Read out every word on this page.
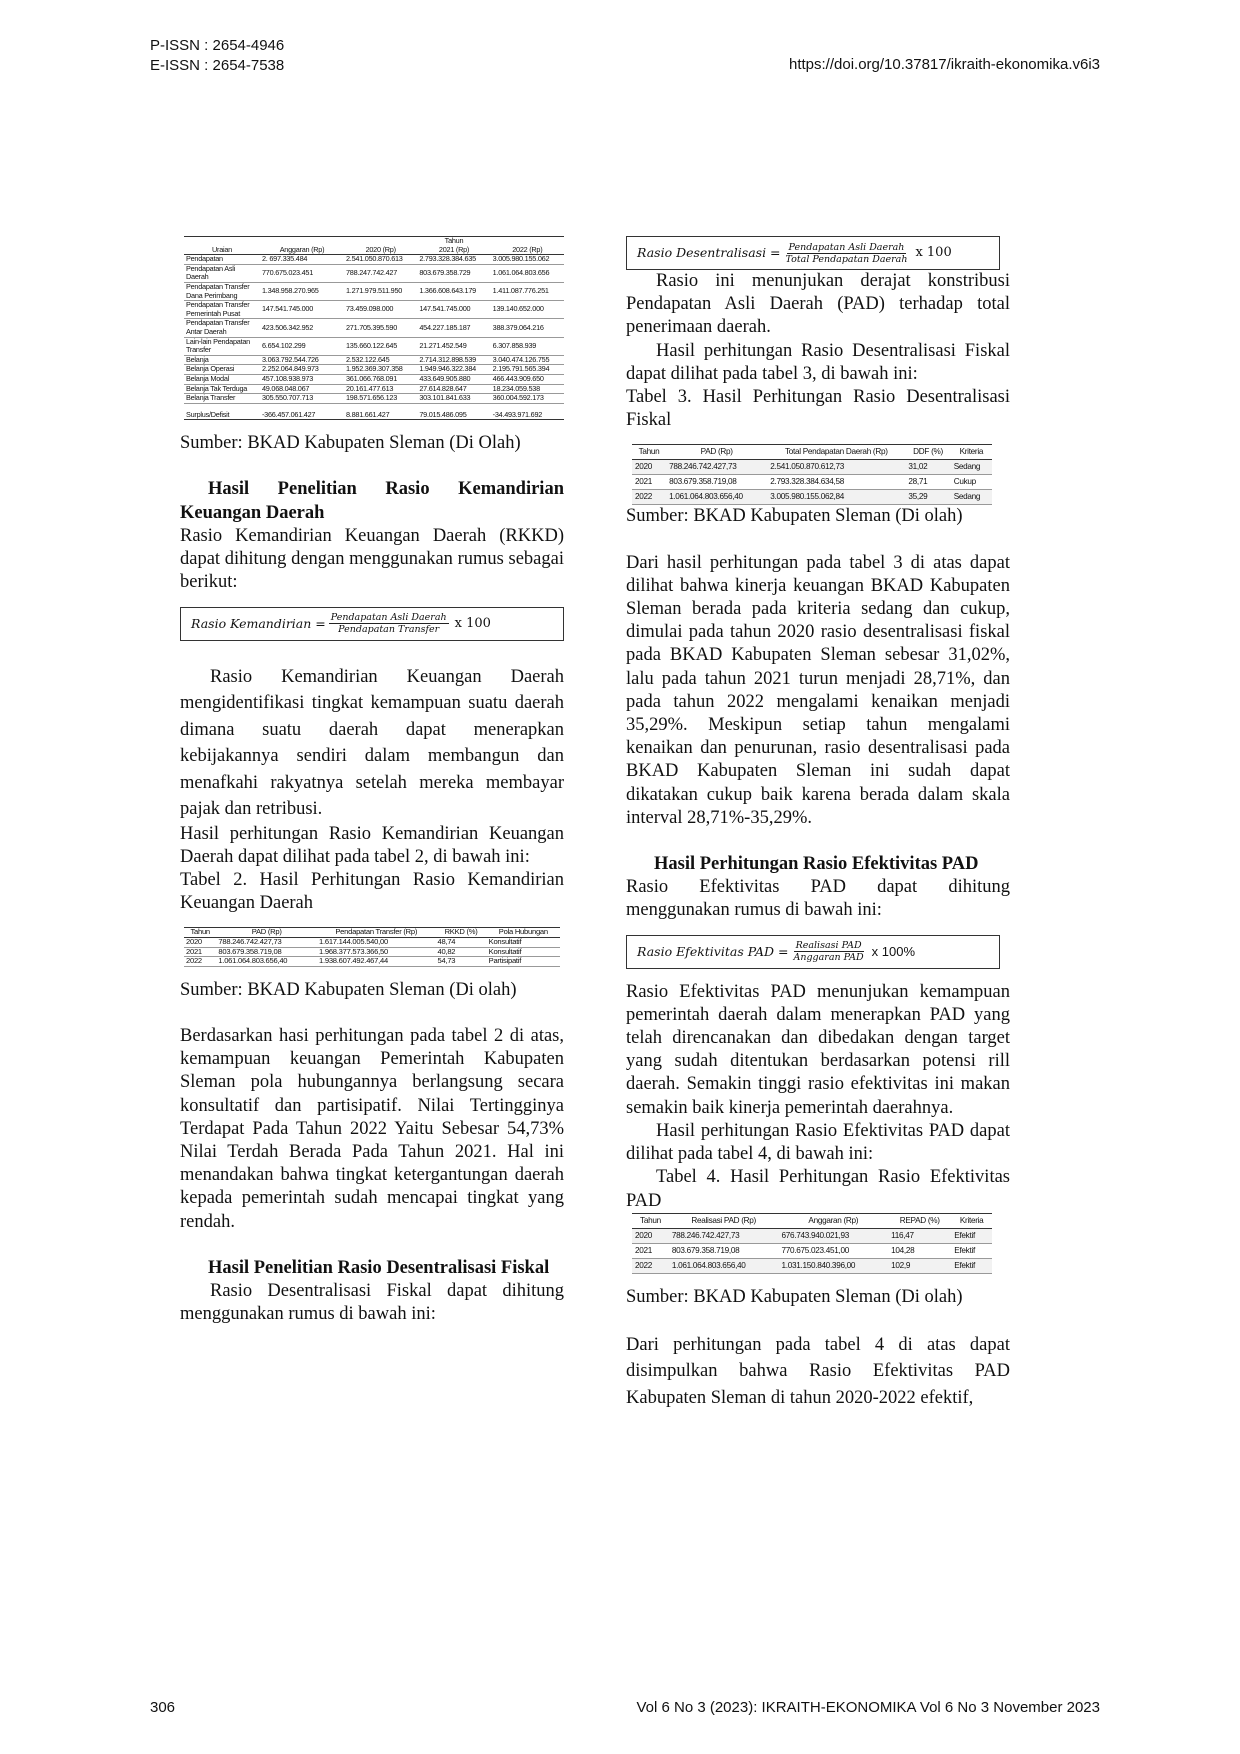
P-ISSN : 2654-4946
E-ISSN : 2654-7538	https://doi.org/10.37817/ikraith-ekonomika.v6i3
Uraian	Anggaran (Rp)		Tahun	
		2020 (Rp)	2021 (Rp)	2022 (Rp)
Pendapatan	2. 697.335.484	2.541.050.870.613	2.793.328.384.635	3.005.980.155.062
Pendapatan Asli Daerah	770.675.023.451	788.247.742.427	803.679.358.729	1.061.064.803.656
Pendapatan Transfer Dana Perimbang	1.348.958.270.965	1.271.979.511.950	1.366.608.643.179	1.411.087.776.251
Pendapatan Transfer Pemerintah Pusat	147.541.745.000	73.459.098.000	147.541.745.000	139.140.652.000
Pendapatan Transfer Antar Daerah	423.506.342.952	271.705.395.590	454.227.185.187	388.379.064.216
Lain-lain Pendapatan Transfer	6.654.102.299	135.660.122.645	21.271.452.549	6.307.858.939
Belanja	3.063.792.544.726	2.532.122.645	2.714.312.898.539	3.040.474.126.755
Belanja Operasi	2.252.064.849.973	1.952.369.307.358	1.949.946.322.384	2.195.791.565.394
Belanja Modal	457.108.938.973	361.066.768.091	433.649.905.880	466.443.909.650
Belanja Tak Terduga	49.068.048.067	20.161.477.613	27.614.828.647	18.234.059.538
Belanja Transfer	305.550.707.713	198.571.656.123	303.101.841.633	360.004.592.173
Surplus/Defisit	-366.457.061.427	8.881.661.427	79.015.486.095	-34.493.971.692

Sumber: BKAD Kabupaten Sleman (Di Olah)

Hasil Penelitian Rasio Kemandirian Keuangan Daerah

Rasio Kemandirian Keuangan Daerah (RKKD) dapat dihitung dengan menggunakan rumus sebagai berikut:

Rasio Kemandirian = $\frac{\text{Pendapatan Asli Daerah}}{\text{Pendapatan Transfer}}$ x 100

Rasio Kemandirian Keuangan Daerah mengidentifikasi tingkat kemampuan suatu daerah dimana suatu daerah dapat menerapkan kebijakannya sendiri dalam membangun dan menafkahi rakyatnya setelah mereka membayar pajak dan retribusi.

Hasil perhitungan Rasio Kemandirian Keuangan Daerah dapat dilihat pada tabel 2, di bawah ini:

Tabel 2. Hasil Perhitungan Rasio Kemandirian Keuangan Daerah

Tahun	PAD (Rp)	Pendapatan Transfer (Rp)	RKKD (%)	Pola Hubungan
2020	788.246.742.427,73	1.617.144.005.540,00	48,74	Konsultatif
2021	803.679.358.719,08	1.968.377.573.366,50	40,82	Konsultatif
2022	1.061.064.803.656,40	1.938.607.492.467,44	54,73	Partisipatif

Sumber: BKAD Kabupaten Sleman (Di olah)

Berdasarkan hasi perhitungan pada tabel 2 di atas, kemampuan keuangan Pemerintah Kabupaten Sleman pola hubungannya berlangsung secara konsultatif dan partisipatif. Nilai Tertingginya Terdapat Pada Tahun 2022 Yaitu Sebesar 54,73% Nilai Terdah Berada Pada Tahun 2021. Hal ini menandakan bahwa tingkat ketergantungan daerah kepada pemerintah sudah mencapai tingkat yang rendah.

Hasil Penelitian Rasio Desentralisasi Fiskal

Rasio Desentralisasi Fiskal dapat dihitung menggunakan rumus di bawah ini:

Rasio Desentralisasi = $\frac{\text{Pendapatan Asli Daerah}}{\text{Total Pendapatan Daerah}}$ x 100

Rasio ini menunjukan derajat konstribusi Pendapatan Asli Daerah (PAD) terhadap total penerimaan daerah.

Hasil perhitungan Rasio Desentralisasi Fiskal dapat dilihat pada tabel 3, di bawah ini:

Tabel 3. Hasil Perhitungan Rasio Desentralisasi Fiskal

Tahun	PAD (Rp)	Total Pendapatan Daerah (Rp)	DDF (%)	Kriteria
2020	788.246.742.427,73	2.541.050.870.612,73	31,02	Sedang
2021	803.679.358.719,08	2.793.328.384.634,58	28,71	Cukup
2022	1.061.064.803.656,40	3.005.980.155.062,84	35,29	Sedang

Sumber: BKAD Kabupaten Sleman (Di olah)

Dari hasil perhitungan pada tabel 3 di atas dapat dilihat bahwa kinerja keuangan BKAD Kabupaten Sleman berada pada kriteria sedang dan cukup, dimulai pada tahun 2020 rasio desentralisasi fiskal pada BKAD Kabupaten Sleman sebesar 31,02%, lalu pada tahun 2021 turun menjadi 28,71%, dan pada tahun 2022 mengalami kenaikan menjadi 35,29%. Meskipun setiap tahun mengalami kenaikan dan penurunan, rasio desentralisasi pada BKAD Kabupaten Sleman ini sudah dapat dikatakan cukup baik karena berada dalam skala interval 28,71%-35,29%.

Hasil Perhitungan Rasio Efektivitas PAD

Rasio Efektivitas PAD dapat dihitung menggunakan rumus di bawah ini:

Rasio Efektivitas PAD = $\frac{\text{Realisasi PAD}}{\text{Anggaran PAD}}$ x 100%

Rasio Efektivitas PAD menunjukan kemampuan pemerintah daerah dalam menerapkan PAD yang telah direncanakan dan dibedakan dengan target yang sudah ditentukan berdasarkan potensi rill daerah. Semakin tinggi rasio efektivitas ini makan semakin baik kinerja pemerintah daerahnya.

Hasil perhitungan Rasio Efektivitas PAD dapat dilihat pada tabel 4, di bawah ini:

Tabel 4. Hasil Perhitungan Rasio Efektivitas PAD

Tahun	Realisasi PAD (Rp)	Anggaran (Rp)	REPAD (%)	Kriteria
2020	788.246.742.427,73	676.743.940.021,93	116,47	Efektif
2021	803.679.358.719,08	770.675.023.451,00	104,28	Efektif
2022	1.061.064.803.656,40	1.031.150.840.396,00	102,9	Efektif

Sumber: BKAD Kabupaten Sleman (Di olah)

Dari perhitungan pada tabel 4 di atas dapat disimpulkan bahwa Rasio Efektivitas PAD Kabupaten Sleman di tahun 2020-2022 efektif,

306	Vol 6 No 3 (2023): IKRAITH-EKONOMIKA Vol 6 No 3 November 2023
